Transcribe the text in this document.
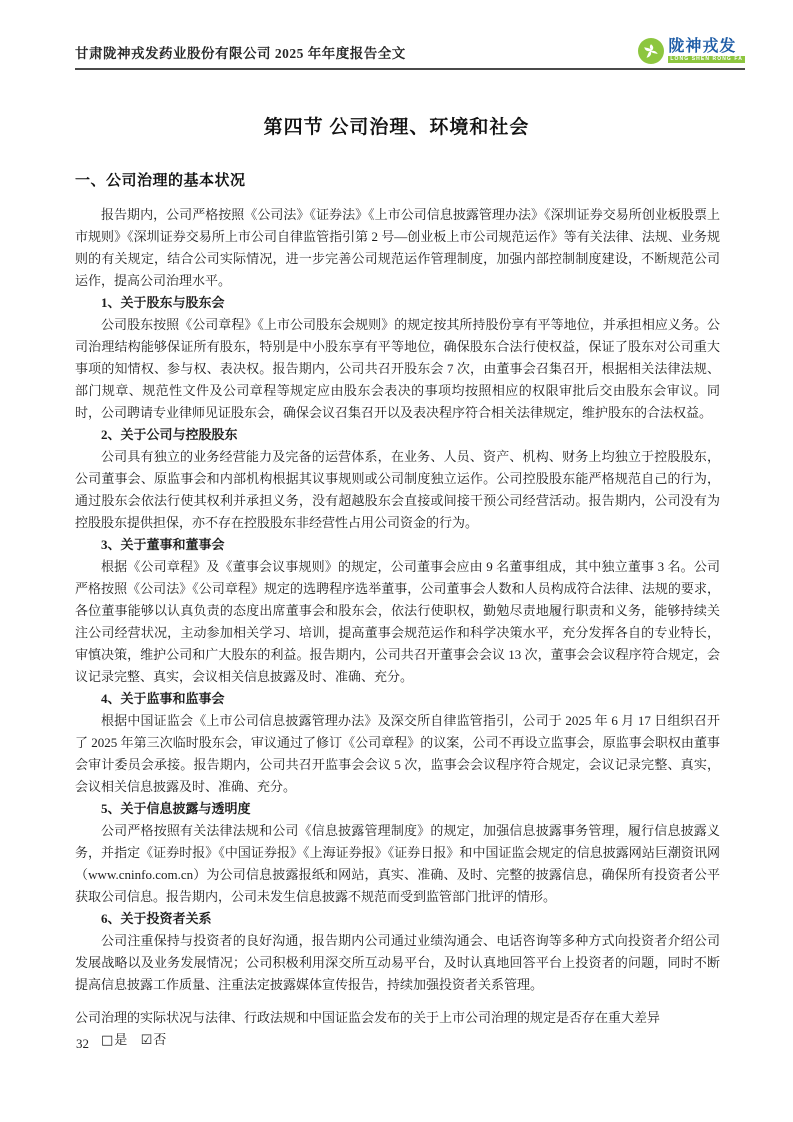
甘肃陇神戎发药业股份有限公司 2025 年年度报告全文	陇神戎发
LONG SHEN RONG FA
第四节 公司治理、环境和社会
一、公司治理的基本状况

报告期内，公司严格按照《公司法》《证券法》《上市公司信息披露管理办法》《深圳证券交易所创业板股票上市规则》《深圳证券交易所上市公司自律监管指引第 2 号—创业板上市公司规范运作》等有关法律、法规、业务规则的有关规定，结合公司实际情况，进一步完善公司规范运作管理制度，加强内部控制制度建设，不断规范公司运作，提高公司治理水平。

1、关于股东与股东会

公司股东按照《公司章程》《上市公司股东会规则》的规定按其所持股份享有平等地位，并承担相应义务。公司治理结构能够保证所有股东，特别是中小股东享有平等地位，确保股东合法行使权益，保证了股东对公司重大事项的知情权、参与权、表决权。报告期内，公司共召开股东会 7 次，由董事会召集召开，根据相关法律法规、部门规章、规范性文件及公司章程等规定应由股东会表决的事项均按照相应的权限审批后交由股东会审议。同时，公司聘请专业律师见证股东会，确保会议召集召开以及表决程序符合相关法律规定，维护股东的合法权益。

2、关于公司与控股股东

公司具有独立的业务经营能力及完备的运营体系，在业务、人员、资产、机构、财务上均独立于控股股东，公司董事会、原监事会和内部机构根据其议事规则或公司制度独立运作。公司控股股东能严格规范自己的行为，通过股东会依法行使其权利并承担义务，没有超越股东会直接或间接干预公司经营活动。报告期内，公司没有为控股股东提供担保，亦不存在控股股东非经营性占用公司资金的行为。

3、关于董事和董事会

根据《公司章程》及《董事会议事规则》的规定，公司董事会应由 9 名董事组成，其中独立董事 3 名。公司严格按照《公司法》《公司章程》规定的选聘程序选举董事，公司董事会人数和人员构成符合法律、法规的要求，各位董事能够以认真负责的态度出席董事会和股东会，依法行使职权，勤勉尽责地履行职责和义务，能够持续关注公司经营状况，主动参加相关学习、培训，提高董事会规范运作和科学决策水平，充分发挥各自的专业特长，审慎决策，维护公司和广大股东的利益。报告期内，公司共召开董事会会议 13 次，董事会会议程序符合规定，会议记录完整、真实，会议相关信息披露及时、准确、充分。

4、关于监事和监事会

根据中国证监会《上市公司信息披露管理办法》及深交所自律监管指引，公司于 2025 年 6 月 17 日组织召开了 2025 年第三次临时股东会，审议通过了修订《公司章程》的议案，公司不再设立监事会，原监事会职权由董事会审计委员会承接。报告期内，公司共召开监事会会议 5 次，监事会会议程序符合规定，会议记录完整、真实，会议相关信息披露及时、准确、充分。

5、关于信息披露与透明度

公司严格按照有关法律法规和公司《信息披露管理制度》的规定，加强信息披露事务管理，履行信息披露义务，并指定《证券时报》《中国证券报》《上海证券报》《证券日报》和中国证监会规定的信息披露网站巨潮资讯网（www.cninfo.com.cn）为公司信息披露报纸和网站，真实、准确、及时、完整的披露信息，确保所有投资者公平获取公司信息。报告期内，公司未发生信息披露不规范而受到监管部门批评的情形。

6、关于投资者关系

公司注重保持与投资者的良好沟通，报告期内公司通过业绩沟通会、电话咨询等多种方式向投资者介绍公司发展战略以及业务发展情况；公司积极利用深交所互动易平台，及时认真地回答平台上投资者的问题，同时不断提高信息披露工作质量、注重法定披露媒体宣传报告，持续加强投资者关系管理。

公司治理的实际状况与法律、行政法规和中国证监会发布的关于上市公司治理的规定是否存在重大差异

□是 ☑否

32
